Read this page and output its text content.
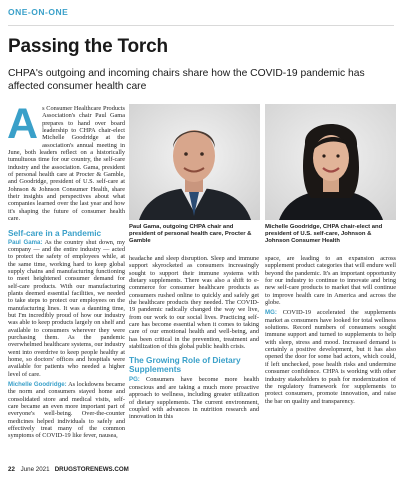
ONE-ON-ONE
Passing the Torch
CHPA's outgoing and incoming chairs share how the COVID-19 pandemic has affected consumer health care

As Consumer Healthcare Products Association's chair Paul Gama prepares to hand over board leadership to CHPA chair-elect Michelle Goodridge at the association's annual meeting in June, both leaders reflect on a historically tumultuous time for our country, the self-care industry and the association. Gama, president of personal health care at Procter & Gamble, and Goodridge, president of U.S. self-care at Johnson & Johnson Consumer Health, share their insights and perspectives about what companies learned over the last year and how it's shaping the future of consumer health care.

Self-care in a Pandemic

Paul Gama: As the country shut down, my company — and the entire industry — acted to protect the safety of employees while, at the same time, working hard to keep global supply chains and manufacturing functioning to meet heightened consumer demand for self-care products. With our manufacturing plants deemed essential facilities, we needed to take steps to protect our employees on the manufacturing lines. It was a daunting time, but I'm incredibly proud of how our industry was able to keep products largely on shelf and available to consumers wherever they were purchasing them. As the pandemic overwhelmed healthcare systems, our industry went into overdrive to keep people healthy at home, so doctors' offices and hospitals were available for patients who needed a higher level of care.

Michelle Goodridge: As lockdowns became the norm and consumers stayed home and consolidated store and medical visits, self-care became an even more important part of everyone's well-being. Over-the-counter medicines helped individuals to safely and effectively treat many of the common symptoms of COVID-19 like fever, nausea,

Paul Gama, outgoing CHPA chair and president of personal health care, Procter & Gamble
Michelle Goodridge, CHPA chair-elect and president of U.S. self-care, Johnson & Johnson Consumer Health

headache and sleep disruption. Sleep and immune support skyrocketed as consumers increasingly sought to support their immune systems with dietary supplements. There was also a shift to e-commerce for consumer healthcare products as consumers rushed online to quickly and safely get the healthcare products they needed. The COVID-19 pandemic radically changed the way we live, from our work to our social lives. Practicing self-care has become essential when it comes to taking care of our emotional health and well-being, and has been critical in the prevention, treatment and stabilization of this global public health crisis.

The Growing Role of Dietary Supplements

PG: Consumers have become more health conscious and are taking a much more proactive approach to wellness, including greater utilization of dietary supplements. The current environment, coupled with advances in nutrition research and innovation in this

space, are leading to an expansion across supplement product categories that will endure well beyond the pandemic. It's an important opportunity for our industry to continue to innovate and bring new self-care products to market that will continue to improve health care in America and across the globe.

MG: COVID-19 accelerated the supplements market as consumers have looked for total wellness solutions. Record numbers of consumers sought immune support and turned to supplements to help with sleep, stress and mood. Increased demand is certainly a positive development, but it has also opened the door for some bad actors, which could, if left unchecked, pose health risks and undermine consumer confidence. CHPA is working with other industry stakeholders to push for modernization of the regulatory framework for supplements to protect consumers, promote innovation, and raise the bar on quality and transparency.

22 June 2021 DRUGSTORENEWS.COM
